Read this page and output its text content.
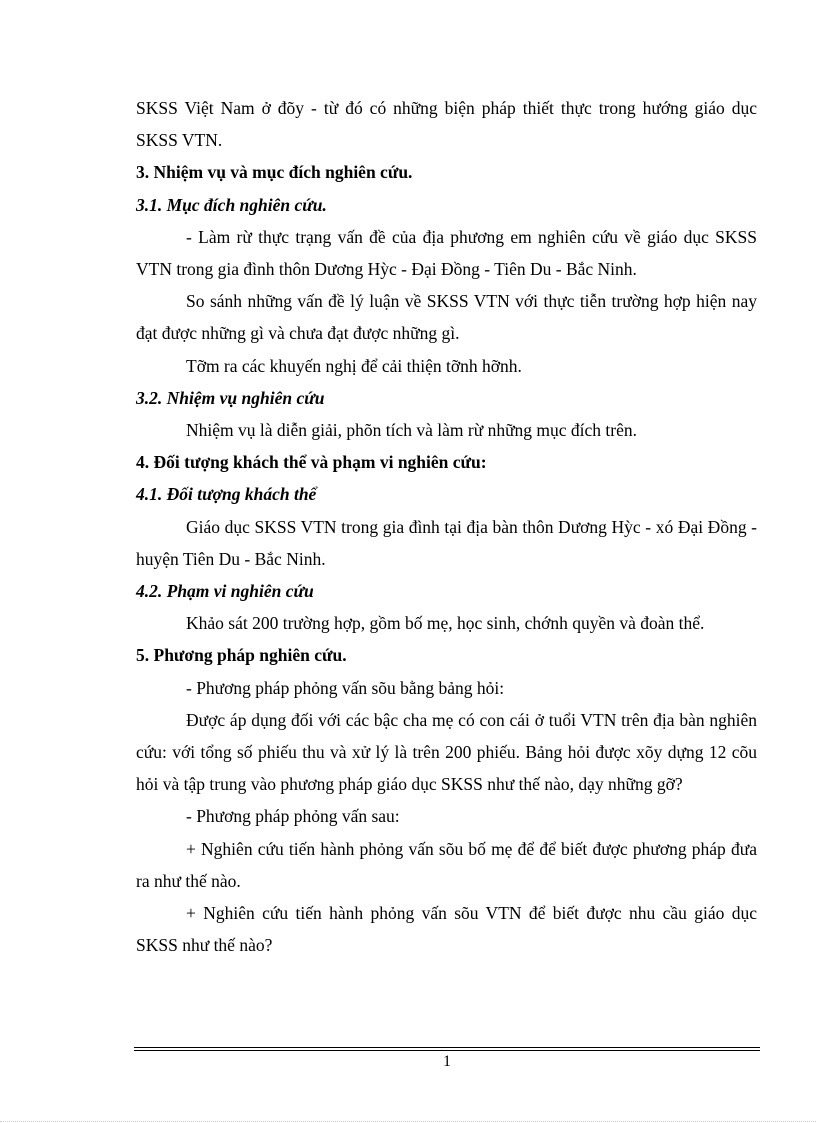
SKSS Việt Nam ở đõy - từ đó có những biện pháp thiết thực trong hướng giáo dục SKSS VTN.

3. Nhiệm vụ và mục đích nghiên cứu.

3.1. Mục đích nghiên cứu.

- Làm rừ thực trạng vấn đề của địa phương em nghiên cứu về giáo dục SKSS VTN trong gia đình thôn Dương Hỳc - Đại Đồng - Tiên Du - Bắc Ninh.

So sánh những vấn đề lý luận về SKSS VTN với thực tiễn trường hợp hiện nay đạt được những gì và chưa đạt được những gì.

Tỡm ra các khuyến nghị để cải thiện tỡnh hỡnh.

3.2. Nhiệm vụ nghiên cứu

Nhiệm vụ là diễn giải, phõn tích và làm rừ những mục đích trên.

4. Đối tượng khách thể và phạm vi nghiên cứu:

4.1. Đối tượng khách thể

Giáo dục SKSS VTN trong gia đình tại địa bàn thôn Dương Hỳc - xó Đại Đồng - huyện Tiên Du - Bắc Ninh.

4.2. Phạm vi nghiên cứu

Khảo sát 200 trường hợp, gồm bố mẹ, học sinh, chớnh quyền và đoàn thể.

5. Phương pháp nghiên cứu.

- Phương pháp phỏng vấn sõu bằng bảng hỏi:

Được áp dụng đối với các bậc cha mẹ có con cái ở tuổi VTN trên địa bàn nghiên cứu: với tổng số phiếu thu và xử lý là trên 200 phiếu. Bảng hỏi được xõy dựng 12 cõu hỏi và tập trung vào phương pháp giáo dục SKSS như thế nào, dạy những gỡ?

- Phương pháp phỏng vấn sau:

+ Nghiên cứu tiến hành phỏng vấn sõu bố mẹ để để biết được phương pháp đưa ra như thế nào.

+ Nghiên cứu tiến hành phỏng vấn sõu VTN để biết được nhu cầu giáo dục SKSS như thế nào?

1
